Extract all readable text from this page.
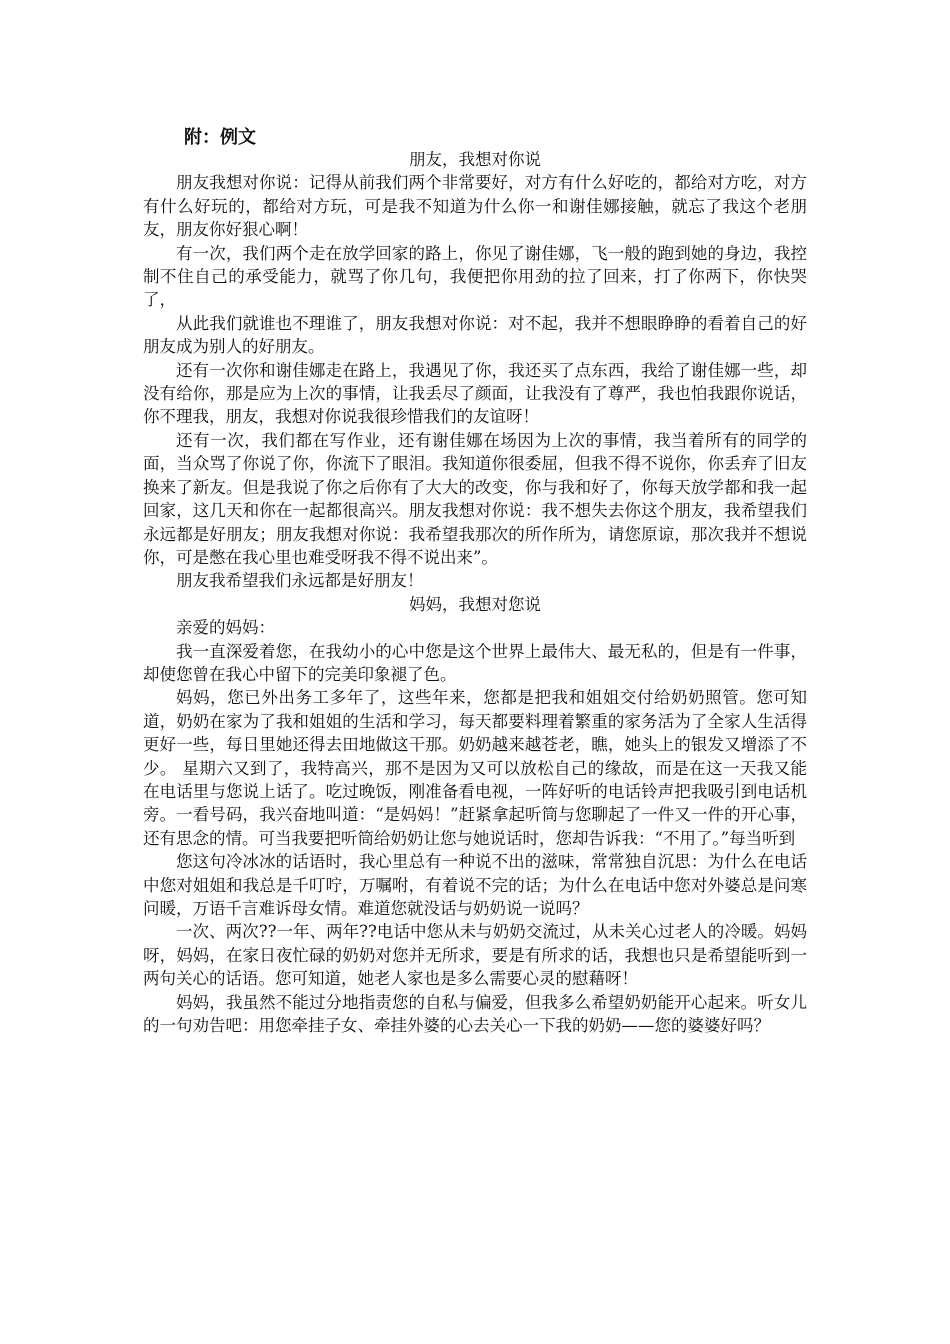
附：例文
朋友，我想对你说
朋友我想对你说：记得从前我们两个非常要好，对方有什么好吃的，都给对方吃，对方有什么好玩的，都给对方玩，可是我不知道为什么你一和谢佳娜接触，就忘了我这个老朋友，朋友你好狠心啊！
有一次，我们两个走在放学回家的路上，你见了谢佳娜，飞一般的跑到她的身边，我控制不住自己的承受能力，就骂了你几句，我便把你用劲的拉了回来，打了你两下，你快哭了，
从此我们就谁也不理谁了，朋友我想对你说：对不起，我并不想眼睁睁的看着自己的好朋友成为别人的好朋友。
还有一次你和谢佳娜走在路上，我遇见了你，我还买了点东西，我给了谢佳娜一些，却没有给你，那是应为上次的事情，让我丢尽了颜面，让我没有了尊严，我也怕我跟你说话，你不理我，朋友，我想对你说我很珍惜我们的友谊呀！
还有一次，我们都在写作业，还有谢佳娜在场因为上次的事情，我当着所有的同学的面，当众骂了你说了你，你流下了眼泪。我知道你很委屈，但我不得不说你，你丢弃了旧友换来了新友。但是我说了你之后你有了大大的改变，你与我和好了，你每天放学都和我一起回家，这几天和你在一起都很高兴。朋友我想对你说：我不想失去你这个朋友，我希望我们永远都是好朋友；朋友我想对你说：我希望我那次的所作所为，请您原谅，那次我并不想说你，可是憋在我心里也难受呀我不得不说出来”。
朋友我希望我们永远都是好朋友！
妈妈，我想对您说
亲爱的妈妈：
我一直深爱着您，在我幼小的心中您是这个世界上最伟大、最无私的，但是有一件事，却使您曾在我心中留下的完美印象褪了色。
妈妈，您已外出务工多年了，这些年来，您都是把我和姐姐交付给奶奶照管。您可知道，奶奶在家为了我和姐姐的生活和学习，每天都要料理着繁重的家务活为了全家人生活得更好一些，每日里她还得去田地做这干那。奶奶越来越苍老，瞧，她头上的银发又增添了不少。 星期六又到了，我特高兴，那不是因为又可以放松自己的缘故，而是在这一天我又能在电话里与您说上话了。吃过晚饭，刚准备看电视，一阵好听的电话铃声把我吸引到电话机旁。一看号码，我兴奋地叫道：“是妈妈！”赶紧拿起听筒与您聊起了一件又一件的开心事，还有思念的情。可当我要把听筒给奶奶让您与她说话时，您却告诉我：“不用了。”每当听到
您这句冷冰冰的话语时，我心里总有一种说不出的滋味，常常独自沉思：为什么在电话中您对姐姐和我总是千叮咛，万嘱咐，有着说不完的话；为什么在电话中您对外婆总是问寒问暖，万语千言难诉母女情。难道您就没话与奶奶说一说吗？
一次、两次??一年、两年??电话中您从未与奶奶交流过，从未关心过老人的冷暖。妈妈呀，妈妈，在家日夜忙碌的奶奶对您并无所求，要是有所求的话，我想也只是希望能听到一两句关心的话语。您可知道，她老人家也是多么需要心灵的慰藉呀！
妈妈，我虽然不能过分地指责您的自私与偏爱，但我多么希望奶奶能开心起来。听女儿的一句劝告吧：用您牵挂子女、牵挂外婆的心去关心一下我的奶奶——您的婆婆好吗？
